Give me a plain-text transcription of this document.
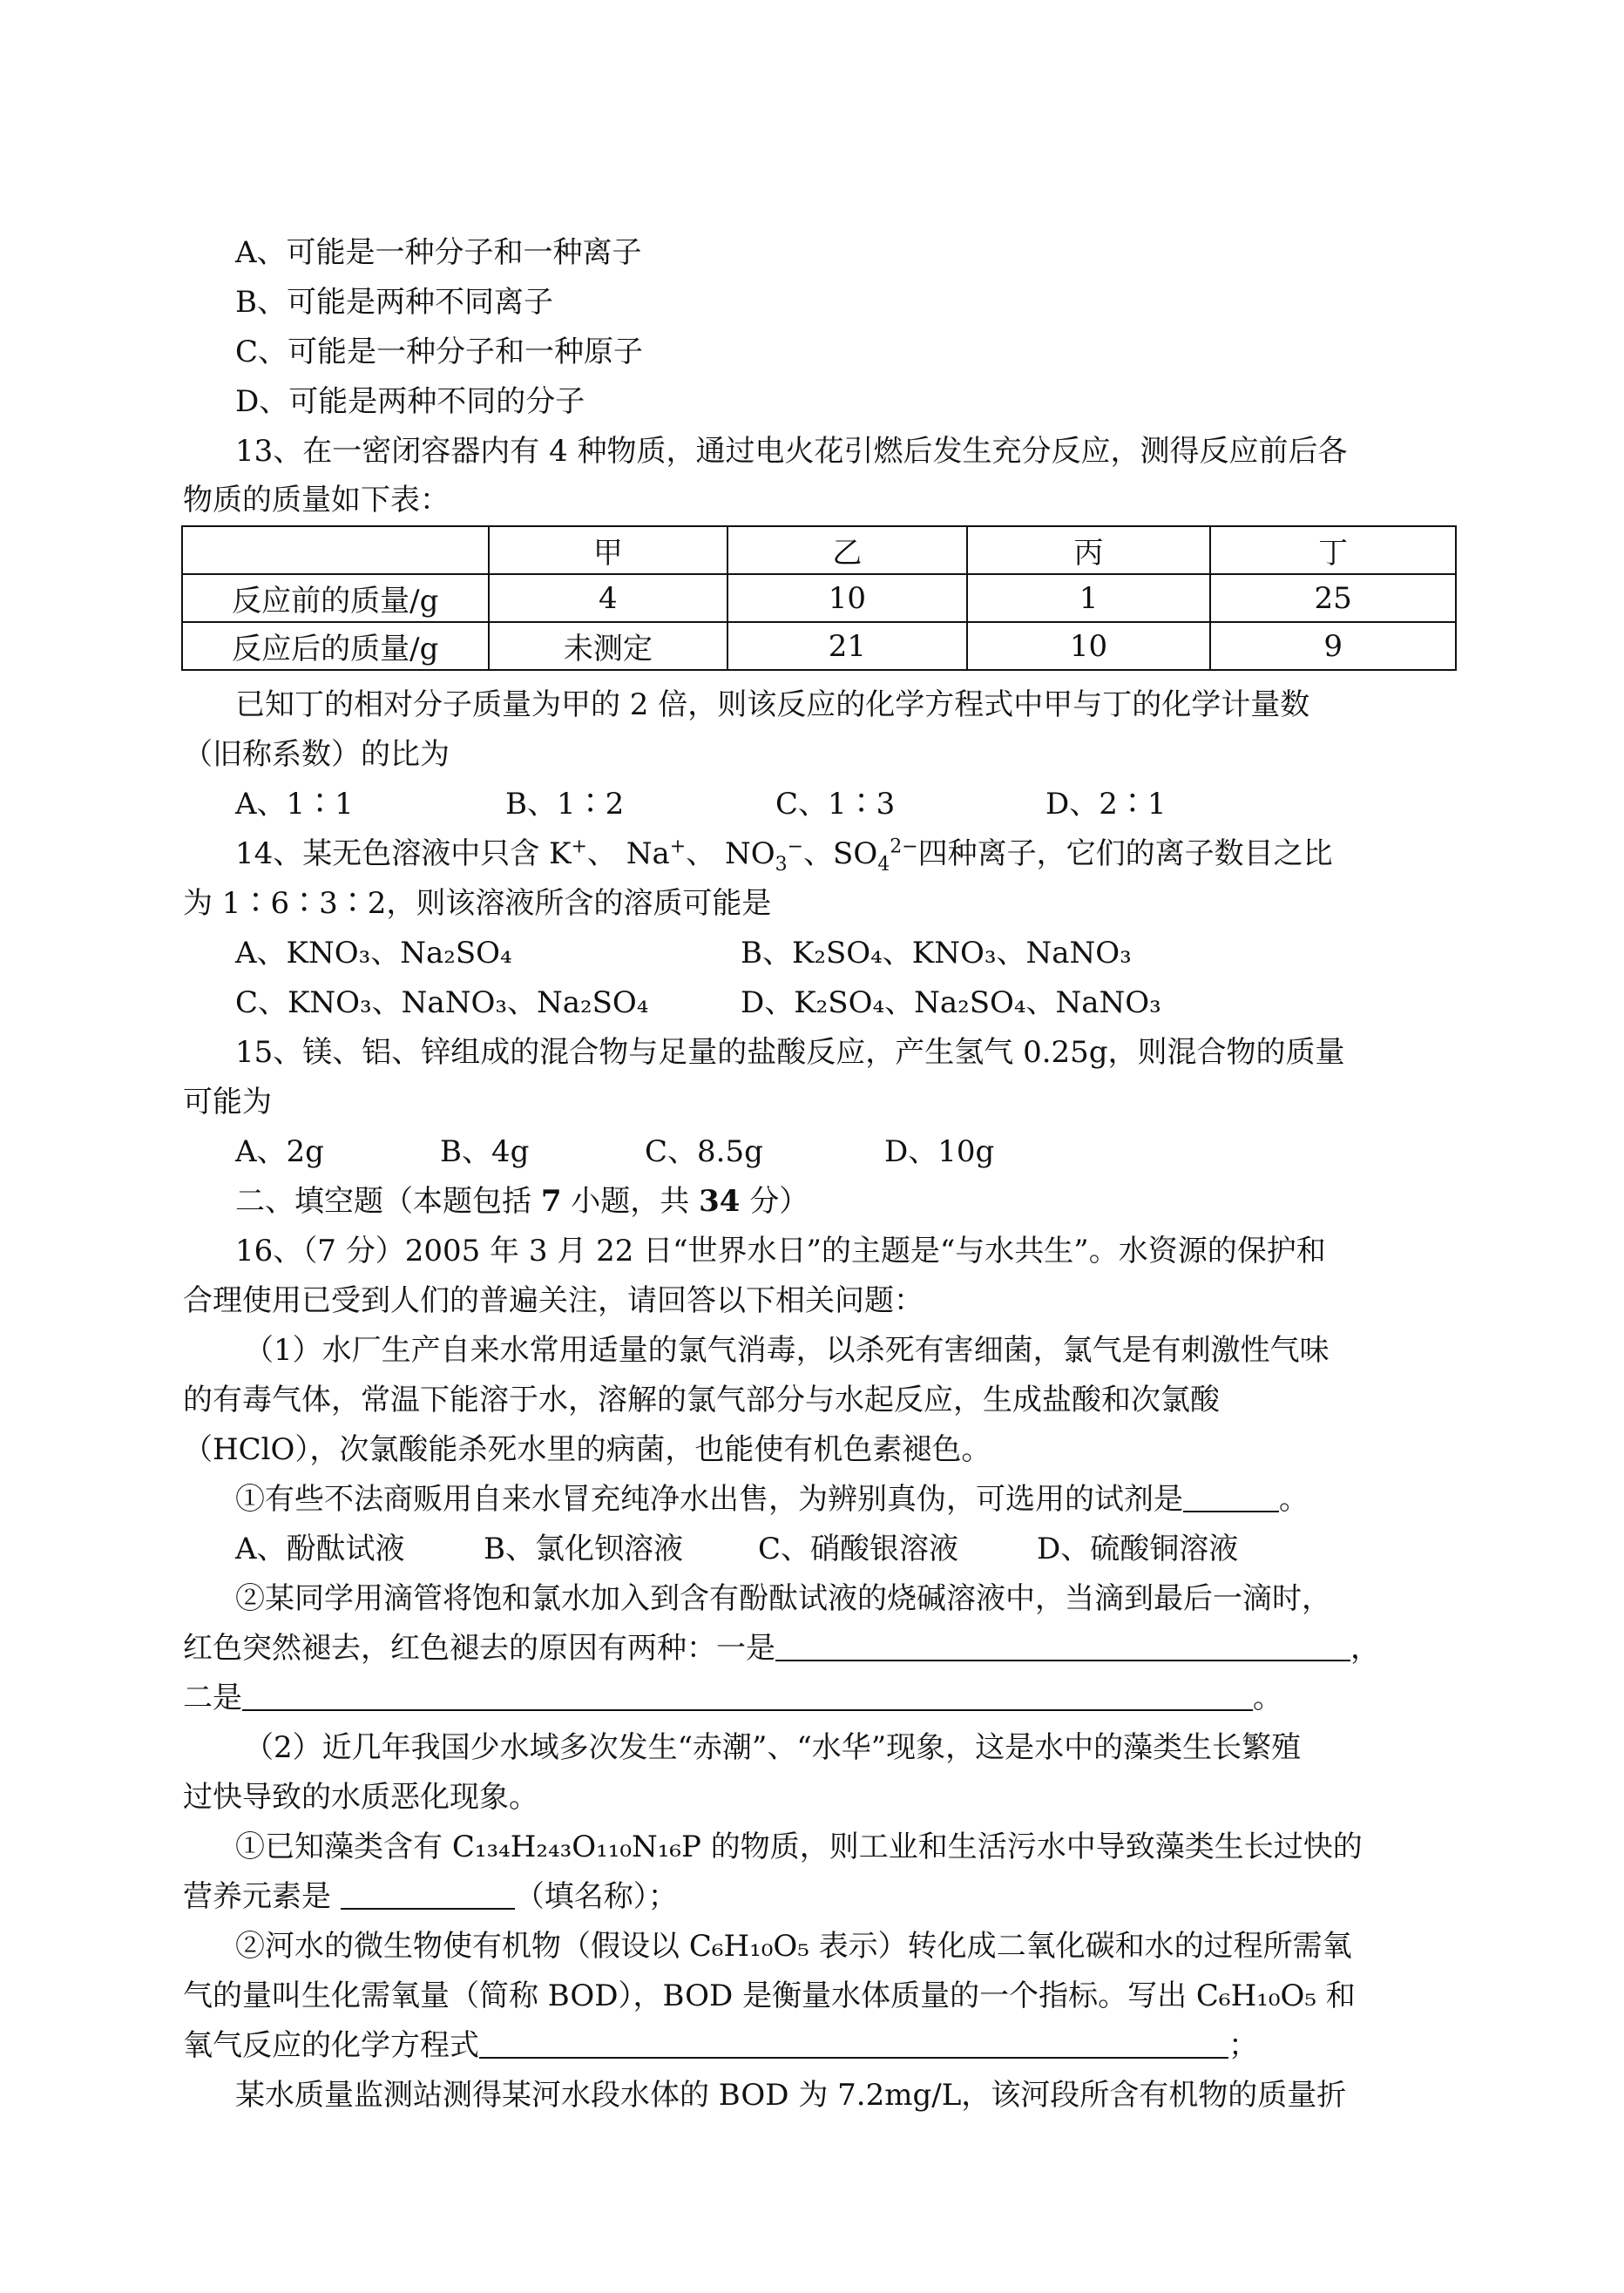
A、可能是一种分子和一种离子
B、可能是两种不同离子
C、可能是一种分子和一种原子
D、可能是两种不同的分子
13、在一密闭容器内有 4 种物质，通过电火花引燃后发生充分反应，测得反应前后各
物质的质量如下表：
	甲	乙	丙	丁
反应前的质量/g	4	10	1	25
反应后的质量/g	未测定	21	10	9
已知丁的相对分子质量为甲的 2 倍，则该反应的化学方程式中甲与丁的化学计量数
（旧称系数）的比为
A、1∶1	B、1∶2	C、1∶3	D、2∶1
14、某无色溶液中只含 K+、 Na+、 $NO_3^-$、$SO_4^{2-}$四种离子，它们的离子数目之比
为 1∶6∶3∶2，则该溶液所含的溶质可能是
A、KNO₃、Na₂SO₄	B、K₂SO₄、KNO₃、NaNO₃
C、KNO₃、NaNO₃、Na₂SO₄	D、K₂SO₄、Na₂SO₄、NaNO₃
15、镁、铝、锌组成的混合物与足量的盐酸反应，产生氢气 0.25g，则混合物的质量
可能为
A、2g	B、4g	C、8.5g	D、10g
二、填空题（本题包括 7 小题，共 34 分）
16、（7 分）2005 年 3 月 22 日“世界水日”的主题是“与水共生”。水资源的保护和
合理使用已受到人们的普遍关注，请回答以下相关问题：
（1）水厂生产自来水常用适量的氯气消毒，以杀死有害细菌，氯气是有刺激性气味
的有毒气体，常温下能溶于水，溶解的氯气部分与水起反应，生成盐酸和次氯酸
（HClO），次氯酸能杀死水里的病菌，也能使有机色素褪色。
①有些不法商贩用自来水冒充纯净水出售，为辨别真伪，可选用的试剂是	。
A、酚酞试液	B、氯化钡溶液	C、硝酸银溶液	D、硫酸铜溶液
②某同学用滴管将饱和氯水加入到含有酚酞试液的烧碱溶液中，当滴到最后一滴时，
红色突然褪去，红色褪去的原因有两种：一是	，
二是	。
（2）近几年我国少水域多次发生“赤潮”、“水华”现象，这是水中的藻类生长繁殖
过快导致的水质恶化现象。
①已知藻类含有 C₁₃₄H₂₄₃O₁₁₀N₁₆P 的物质，则工业和生活污水中导致藻类生长过快的
营养元素是	（填名称）；
②河水的微生物使有机物（假设以 C₆H₁₀O₅ 表示）转化成二氧化碳和水的过程所需氧
气的量叫生化需氧量（简称 BOD），BOD 是衡量水体质量的一个指标。写出 C₆H₁₀O₅ 和
氧气反应的化学方程式	；
某水质量监测站测得某河水段水体的 BOD 为 7.2mg/L，该河段所含有机物的质量折
